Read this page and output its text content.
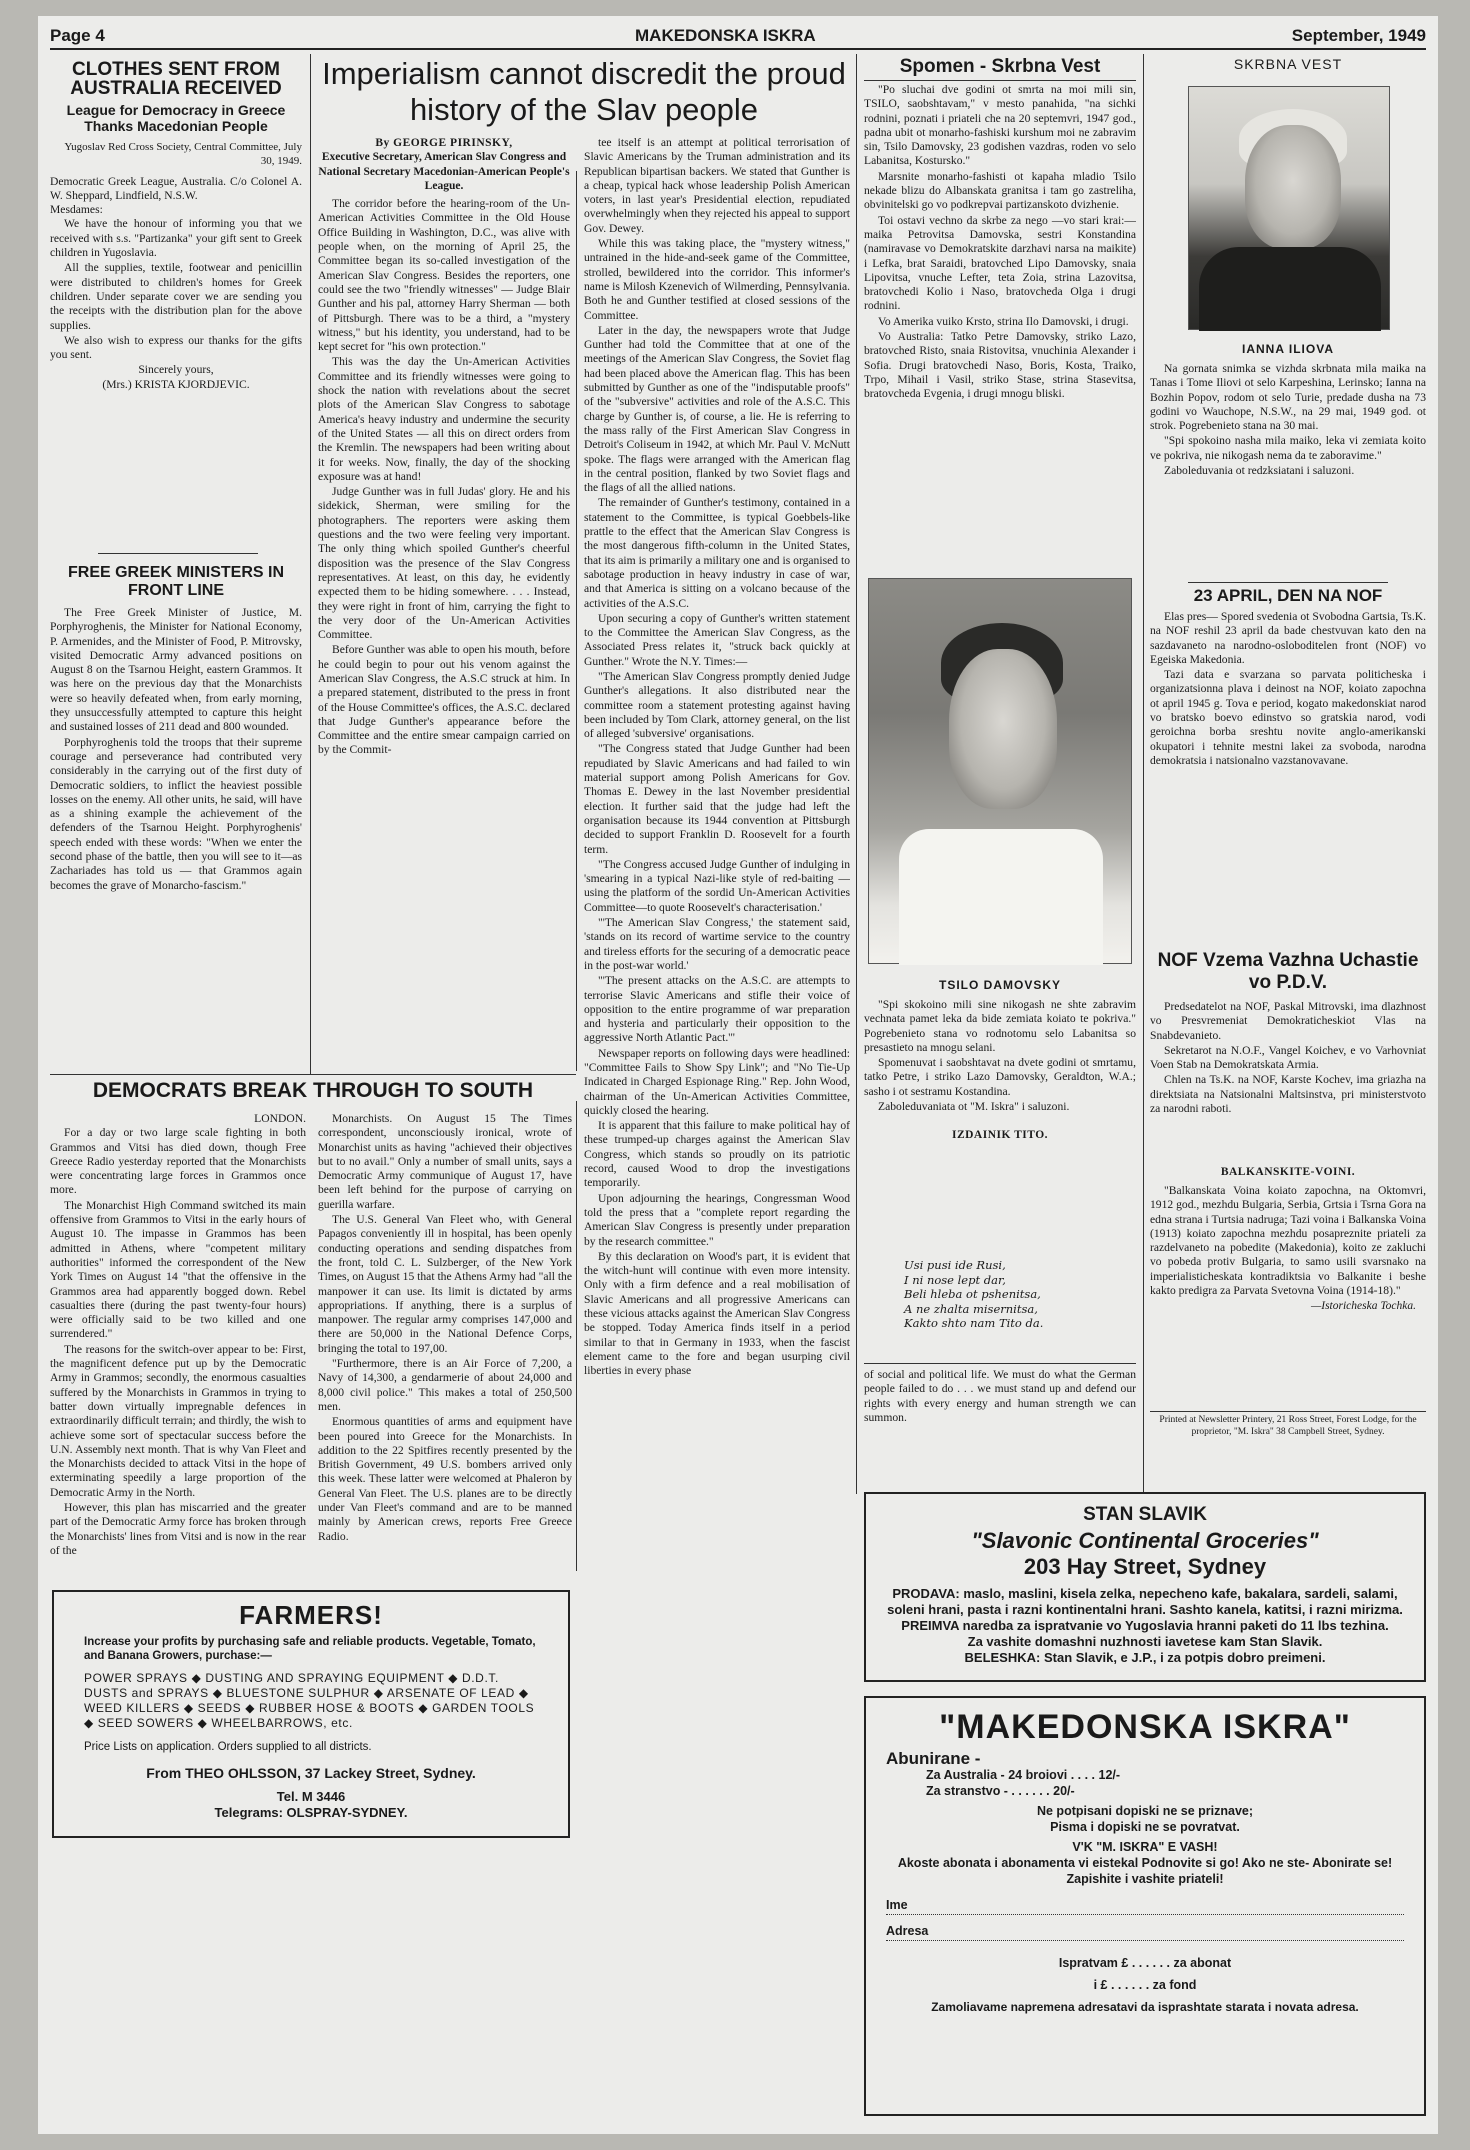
Page 4	MAKEDONSKA ISKRA	September, 1949
CLOTHES SENT FROM AUSTRALIA RECEIVED
League for Democracy in Greece Thanks Macedonian People
Yugoslav Red Cross Society, Central Committee, July 30, 1949.
Democratic Greek League, Australia. C/o Colonel A. W. Sheppard, Lindfield, N.S.W.
Mesdames:

We have the honour of informing you that we received with s.s. "Partizanka" your gift sent to Greek children in Yugoslavia.

All the supplies, textile, footwear and penicillin were distributed to children's homes for Greek children. Under separate cover we are sending you the receipts with the distribution plan for the above supplies.

We also wish to express our thanks for the gifts you sent.

Sincerely yours,
(Mrs.) KRISTA KJORDJEVIC.
FREE GREEK MINISTERS IN FRONT LINE

The Free Greek Minister of Justice, M. Porphyroghenis, the Minister for National Economy, P. Armenides, and the Minister of Food, P. Mitrovsky, visited Democratic Army advanced positions on August 8 on the Tsarnou Height, eastern Grammos. It was here on the previous day that the Monarchists were so heavily defeated when, from early morning, they unsuccessfully attempted to capture this height and sustained losses of 211 dead and 800 wounded.

Porphyroghenis told the troops that their supreme courage and perseverance had contributed very considerably in the carrying out of the first duty of Democratic soldiers, to inflict the heaviest possible losses on the enemy. All other units, he said, will have as a shining example the achievement of the defenders of the Tsarnou Height. Porphyroghenis' speech ended with these words: "When we enter the second phase of the battle, then you will see to it—as Zachariades has told us — that Grammos again becomes the grave of Monarcho-fascism."

Imperialism cannot discredit the proud history of the Slav people
By GEORGE PIRINSKY,
Executive Secretary, American Slav Congress and National Secretary Macedonian-American People's League.

The corridor before the hearing-room of the Un-American Activities Committee in the Old House Office Building in Washington, D.C., was alive with people when, on the morning of April 25, the Committee began its so-called investigation of the American Slav Congress. Besides the reporters, one could see the two "friendly witnesses" — Judge Blair Gunther and his pal, attorney Harry Sherman — both of Pittsburgh. There was to be a third, a "mystery witness," but his identity, you understand, had to be kept secret for "his own protection."

This was the day the Un-American Activities Committee and its friendly witnesses were going to shock the nation with revelations about the secret plots of the American Slav Congress to sabotage America's heavy industry and undermine the security of the United States — all this on direct orders from the Kremlin. The newspapers had been writing about it for weeks. Now, finally, the day of the shocking exposure was at hand!

Judge Gunther was in full Judas' glory. He and his sidekick, Sherman, were smiling for the photographers. The reporters were asking them questions and the two were feeling very important. The only thing which spoiled Gunther's cheerful disposition was the presence of the Slav Congress representatives. At least, on this day, he evidently expected them to be hiding somewhere. . . . Instead, they were right in front of him, carrying the fight to the very door of the Un-American Activities Committee.

Before Gunther was able to open his mouth, before he could begin to pour out his venom against the American Slav Congress, the A.S.C struck at him. In a prepared statement, distributed to the press in front of the House Committee's offices, the A.S.C. declared that Judge Gunther's appearance before the Committee and the entire smear campaign carried on by the Commit-

tee itself is an attempt at political terrorisation of Slavic Americans by the Truman administration and its Republican bipartisan backers. We stated that Gunther is a cheap, typical hack whose leadership Polish American voters, in last year's Presidential election, repudiated overwhelmingly when they rejected his appeal to support Gov. Dewey.

While this was taking place, the "mystery witness," untrained in the hide-and-seek game of the Committee, strolled, bewildered into the corridor. This informer's name is Milosh Kzenevich of Wilmerding, Pennsylvania. Both he and Gunther testified at closed sessions of the Committee.

Later in the day, the newspapers wrote that Judge Gunther had told the Committee that at one of the meetings of the American Slav Congress, the Soviet flag had been placed above the American flag. This has been submitted by Gunther as one of the "indisputable proofs" of the "subversive" activities and role of the A.S.C. This charge by Gunther is, of course, a lie. He is referring to the mass rally of the First American Slav Congress in Detroit's Coliseum in 1942, at which Mr. Paul V. McNutt spoke. The flags were arranged with the American flag in the central position, flanked by two Soviet flags and the flags of all the allied nations.

The remainder of Gunther's testimony, contained in a statement to the Committee, is typical Goebbels-like prattle to the effect that the American Slav Congress is the most dangerous fifth-column in the United States, that its aim is primarily a military one and is organised to sabotage production in heavy industry in case of war, and that America is sitting on a volcano because of the activities of the A.S.C.

Upon securing a copy of Gunther's written statement to the Committee the American Slav Congress, as the Associated Press relates it, "struck back quickly at Gunther." Wrote the N.Y. Times:—

"The American Slav Congress promptly denied Judge Gunther's allegations. It also distributed near the committee room a statement protesting against having been included by Tom Clark, attorney general, on the list of alleged 'subversive' organisations.

"The Congress stated that Judge Gunther had been repudiated by Slavic Americans and had failed to win material support among Polish Americans for Gov. Thomas E. Dewey in the last November presidential election. It further said that the judge had left the organisation because its 1944 convention at Pittsburgh decided to support Franklin D. Roosevelt for a fourth term.

"The Congress accused Judge Gunther of indulging in 'smearing in a typical Nazi-like style of red-baiting — using the platform of the sordid Un-American Activities Committee—to quote Roosevelt's characterisation.'

"'The American Slav Congress,' the statement said, 'stands on its record of wartime service to the country and tireless efforts for the securing of a democratic peace in the post-war world.'

"'The present attacks on the A.S.C. are attempts to terrorise Slavic Americans and stifle their voice of opposition to the entire programme of war preparation and hysteria and particularly their opposition to the aggressive North Atlantic Pact.'"

Newspaper reports on following days were headlined: "Committee Fails to Show Spy Link"; and "No Tie-Up Indicated in Charged Espionage Ring." Rep. John Wood, chairman of the Un-American Activities Committee, quickly closed the hearing.

It is apparent that this failure to make political hay of these trumped-up charges against the American Slav Congress, which stands so proudly on its patriotic record, caused Wood to drop the investigations temporarily.

Upon adjourning the hearings, Congressman Wood told the press that a "complete report regarding the American Slav Congress is presently under preparation by the research committee."

By this declaration on Wood's part, it is evident that the witch-hunt will continue with even more intensity. Only with a firm defence and a real mobilisation of Slavic Americans and all progressive Americans can these vicious attacks against the American Slav Congress be stopped. Today America finds itself in a period similar to that in Germany in 1933, when the fascist element came to the fore and began usurping civil liberties in every phase

DEMOCRATS BREAK THROUGH TO SOUTH
LONDON.

For a day or two large scale fighting in both Grammos and Vitsi has died down, though Free Greece Radio yesterday reported that the Monarchists were concentrating large forces in Grammos once more.

The Monarchist High Command switched its main offensive from Grammos to Vitsi in the early hours of August 10. The impasse in Grammos has been admitted in Athens, where "competent military authorities" informed the correspondent of the New York Times on August 14 "that the offensive in the Grammos area had apparently bogged down. Rebel casualties there (during the past twenty-four hours) were officially said to be two killed and one surrendered."

The reasons for the switch-over appear to be: First, the magnificent defence put up by the Democratic Army in Grammos; secondly, the enormous casualties suffered by the Monarchists in Grammos in trying to batter down virtually impregnable defences in extraordinarily difficult terrain; and thirdly, the wish to achieve some sort of spectacular success before the U.N. Assembly next month. That is why Van Fleet and the Monarchists decided to attack Vitsi in the hope of exterminating speedily a large proportion of the Democratic Army in the North.

However, this plan has miscarried and the greater part of the Democratic Army force has broken through the Monarchists' lines from Vitsi and is now in the rear of the

Monarchists. On August 15 The Times correspondent, unconsciously ironical, wrote of Monarchist units as having "achieved their objectives but to no avail." Only a number of small units, says a Democratic Army communique of August 17, have been left behind for the purpose of carrying on guerilla warfare.

The U.S. General Van Fleet who, with General Papagos conveniently ill in hospital, has been openly conducting operations and sending dispatches from the front, told C. L. Sulzberger, of the New York Times, on August 15 that the Athens Army had "all the manpower it can use. Its limit is dictated by arms appropriations. If anything, there is a surplus of manpower. The regular army comprises 147,000 and there are 50,000 in the National Defence Corps, bringing the total to 197,00.

"Furthermore, there is an Air Force of 7,200, a Navy of 14,300, a gendarmerie of about 24,000 and 8,000 civil police." This makes a total of 250,500 men.

Enormous quantities of arms and equipment have been poured into Greece for the Monarchists. In addition to the 22 Spitfires recently presented by the British Government, 49 U.S. bombers arrived only this week. These latter were welcomed at Phaleron by General Van Fleet. The U.S. planes are to be directly under Van Fleet's command and are to be manned mainly by American crews, reports Free Greece Radio.

FARMERS!
Increase your profits by purchasing safe and reliable products. Vegetable, Tomato, and Banana Growers, purchase:—
POWER SPRAYS ◆ DUSTING AND SPRAYING EQUIPMENT ◆ D.D.T. DUSTS and SPRAYS ◆ BLUESTONE SULPHUR ◆ ARSENATE OF LEAD ◆ WEED KILLERS ◆ SEEDS ◆ RUBBER HOSE & BOOTS ◆ GARDEN TOOLS ◆ SEED SOWERS ◆ WHEELBARROWS, etc.
Price Lists on application. Orders supplied to all districts.
From THEO OHLSSON, 37 Lackey Street, Sydney.
Tel. M 3446
Telegrams: OLSPRAY-SYDNEY.
Spomen - Skrbna Vest

"Po sluchai dve godini ot smrta na moi mili sin, TSILO, saobshtavam," v mesto panahida, "na sichki rodnini, poznati i priateli che na 20 septemvri, 1947 god., padna ubit ot monarho-fashiski kurshum moi ne zabravim sin, Tsilo Damovsky, 23 godishen vazdras, roden vo selo Labanitsa, Kostursko."

Marsnite monarho-fashisti ot kaраha mladio Tsilo nekade blizu do Albanskata granitsa i tam go zastrelihа, obvinitelski go vo podkrepvai partizanskoto dvizhenie.

Toi ostavi vechno da skrbe za nego —vo stari krai:—maika Petrovitsa Damovska, sestri Konstandina (namiravase vo Demokratskite darzhavi narsa na maikite) i Lefka, brat Saraidi, bratovched Lipo Damovsky, snaia Lipovitsa, vnuche Lefter, teta Zoia, strina Lazovitsa, bratovchedi Kolio i Naso, bratovcheda Olga i drugi rodnini.

Vo Amerika vuiko Krsto, strina Ilo Damovski, i drugi.

Vo Australia: Tatko Petre Damovsky, striko Lazo, bratovched Risto, snaia Ristovitsa, vnuchinia Alexander i Sofia. Drugi bratovchedi Naso, Boris, Kosta, Traiko, Trpo, Mihail i Vasil, striko Stase, strina Stasevitsa, bratovcheda Evgenia, i drugi mnogu bliski.

TSILO DAMOVSKY

"Spi skokoino mili sine nikogash ne shte zabravim vechnata pamet leka da bide zemiata koiato te pokriva." Pogrebenieto stana vo rodnotomu selo Labanitsa so presastieto na mnogu selani.

Spomenuvat i saobshtavat na dvete godini ot smrtamu, tatko Petre, i striko Lazo Damovsky, Geraldton, W.A.; sasho i ot sestramu Kostandina.

Zaboleduvaniata ot "M. Iskra" i saluzoni.

IZDAINIK TITO.
Usi pusi ide Rusi,
I ni nose lept dar,
Beli hleba ot pshenitsa,
A ne zhalta misernitsa,
Kakto shto nam Tito da.
of social and political life. We must do what the German people failed to do . . . we must stand up and defend our rights with every energy and human strength we can summon.
SKRBNA VEST
IANNA ILIOVA

Na gornata snimka se vizhda skrbnata mila maika na Tanas i Tome Iliovi ot selo Karpeshina, Lerinsko; Ianna na Bozhin Popov, rodom ot selo Turie, predade dusha na 73 godini vo Wauchope, N.S.W., na 29 mai, 1949 god. ot strok. Pogrebenieto stana na 30 mai.

"Spi spokoino nasha mila maiko, leka vi zemiata koito ve pokriva, nie nikogash nema da te zaboravime."

Zaboleduvania ot redzksiatani i saluzoni.

23 APRIL, DEN NA NOF

Elas pres— Spored svedenia ot Svobodna Gartsia, Ts.K. na NOF reshil 23 april da bade chestvuvan kato den na sazdavaneto na narodno-osloboditelen front (NOF) vo Egeiska Makedonia.

Tazi data e svarzana so parvata politicheska i organizatsionna plava i deinost na NOF, koiato zapochna ot april 1945 g. Tova e period, kogato makedonskiat narod vo bratsko boevo edinstvo so gratskia narod, vodi geroichna borba sreshtu novite anglo-amerikanski okupatori i tehnite mestni lakei za svoboda, narodna demokratsia i natsionalno vazstanovavane.

NOF Vzema Vazhna Uchastie vo P.D.V.

Predsedatelot na NOF, Paskal Mitrovski, ima dlazhnost vo Presvremeniat Demokraticheskiot Vlas na Snabdevanieto.

Sekretarot na N.O.F., Vangel Koichev, e vo Varhovniat Voen Stab na Demokratskata Armia.

Chlen na Ts.K. na NOF, Karste Kochev, ima griazha na direktsiata na Natsionalni Maltsinstva, pri ministerstvoto za narodni raboti.

BALKANSKITE-VOINI.

"Balkanskata Voina koiato zapochna, na Oktomvri, 1912 god., mezhdu Bulgaria, Serbia, Grtsia i Tsrna Gora na edna strana i Turtsia nadruga; Tazi voina i Balkanska Voina (1913) koiato zapochna mezhdu posapreznite priateli za razdelvaneto na pobedite (Makedonia), koito ze zakluchi vo pobeda protiv Bulgaria, to samo usili svarsnako na imperialisticheskata kontradiktsia vo Balkanite i beshe kakto predigra za Parvata Svetovna Voina (1914-18)."

—Istoricheska Tochka.
Printed at Newsletter Printery, 21 Ross Street, Forest Lodge, for the proprietor, "M. Iskra" 38 Campbell Street, Sydney.
STAN SLAVIK
"Slavonic Continental Groceries"
203 Hay Street, Sydney
PRODAVA: maslo, maslini, kisela zelka, nepecheno kafe, bakalara, sardeli, salami, soleni hrani, pasta i razni kontinentalni hrani. Sashto kanela, katitsi, i razni mirizma.
PREIMVA naredba za ispratvanie vo Yugoslavia hranni paketi do 11 lbs tezhina.
Za vashite domashni nuzhnosti iavetese kam Stan Slavik.
BELESHKA: Stan Slavik, e J.P., i za potpis dobro preimeni.
"MAKEDONSKA ISKRA"
Abunirane -
Za Australia - 24 broiovi . . . . 12/-
Za stranstvo - . . . . . . 20/-
Ne potpisani dopiski ne se priznave;
Pisma i dopiski ne se povratvat.
V'K "M. ISKRA" E VASH!
Akoste abonata i abonamenta vi eistekal Podnovite si go! Ako ne ste- Abonirate se! Zapishite i vashite priateli!
Ime
Adresa
Ispratvam £ . . . . . . za abonat
i £ . . . . . . za fond
Zamoliavame napremena adresatavi da isprashtate starata i novata adresa.
